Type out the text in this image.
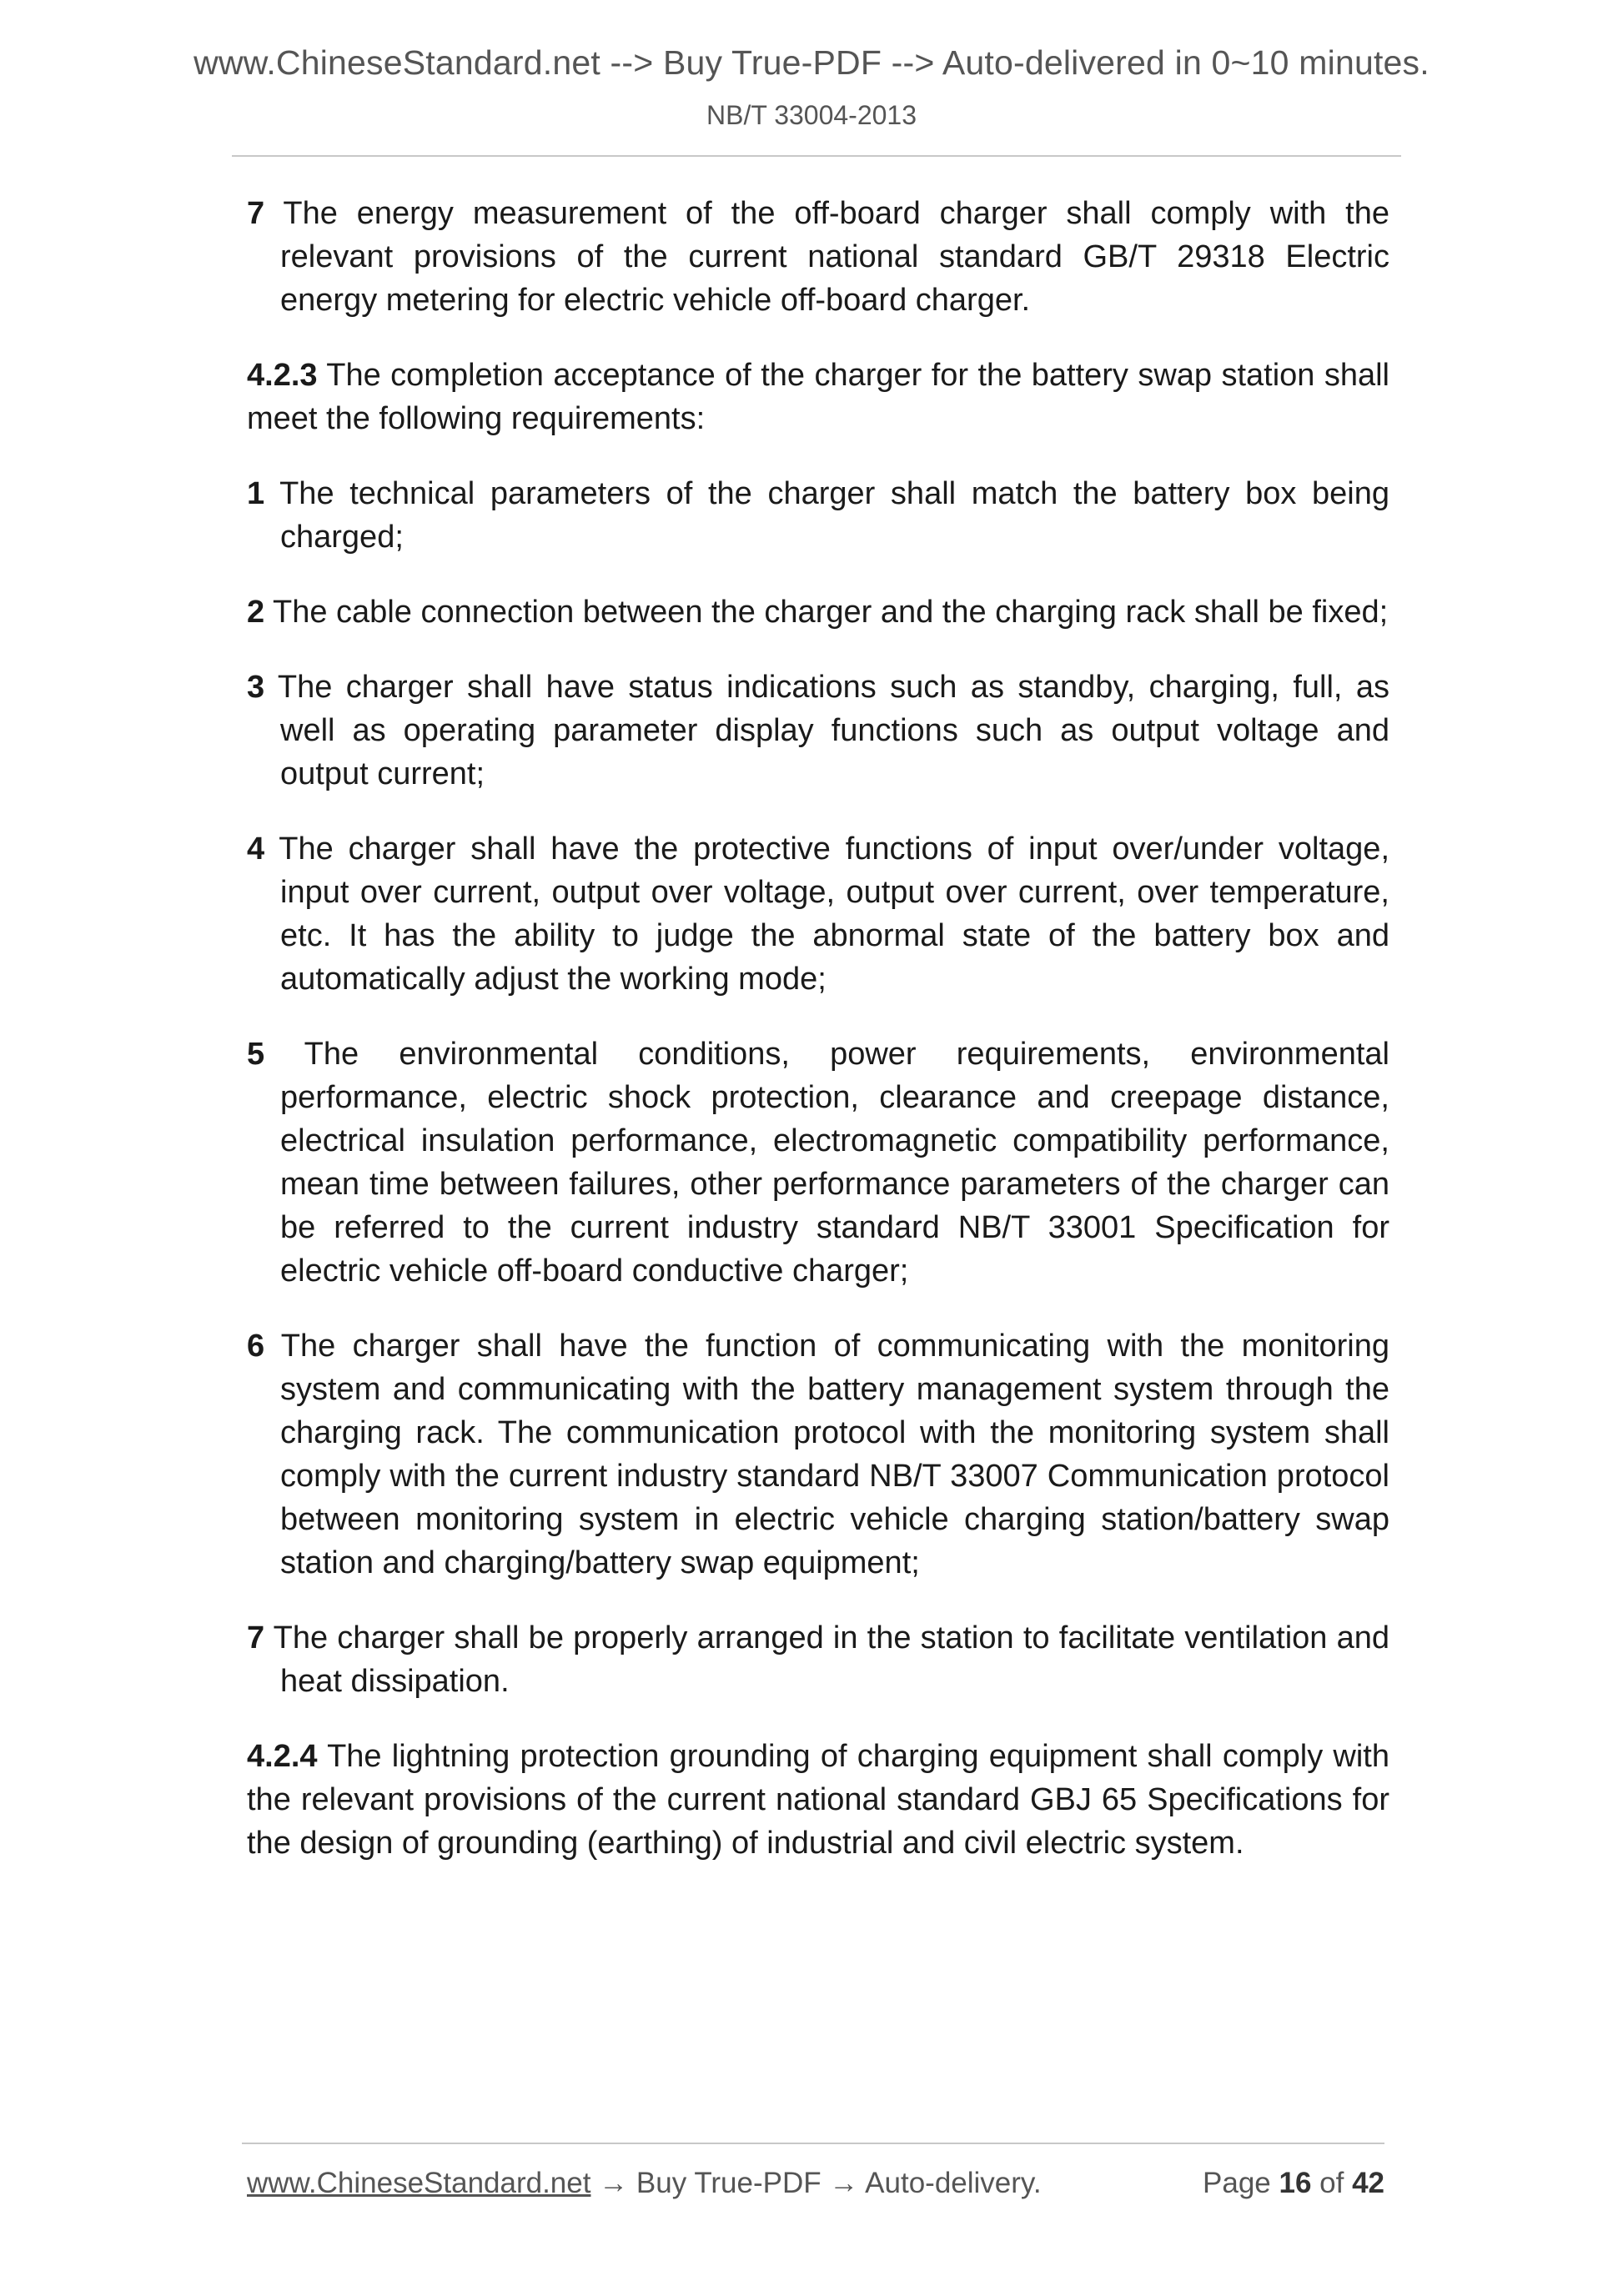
www.ChineseStandard.net --> Buy True-PDF --> Auto-delivered in 0~10 minutes.
NB/T 33004-2013

7 The energy measurement of the off-board charger shall comply with the relevant provisions of the current national standard GB/T 29318 Electric energy metering for electric vehicle off-board charger.

4.2.3 The completion acceptance of the charger for the battery swap station shall meet the following requirements:

1 The technical parameters of the charger shall match the battery box being charged;

2 The cable connection between the charger and the charging rack shall be fixed;

3 The charger shall have status indications such as standby, charging, full, as well as operating parameter display functions such as output voltage and output current;

4 The charger shall have the protective functions of input over/under voltage, input over current, output over voltage, output over current, over temperature, etc. It has the ability to judge the abnormal state of the battery box and automatically adjust the working mode;

5 The environmental conditions, power requirements, environmental performance, electric shock protection, clearance and creepage distance, electrical insulation performance, electromagnetic compatibility performance, mean time between failures, other performance parameters of the charger can be referred to the current industry standard NB/T 33001 Specification for electric vehicle off-board conductive charger;

6 The charger shall have the function of communicating with the monitoring system and communicating with the battery management system through the charging rack. The communication protocol with the monitoring system shall comply with the current industry standard NB/T 33007 Communication protocol between monitoring system in electric vehicle charging station/battery swap station and charging/battery swap equipment;

7 The charger shall be properly arranged in the station to facilitate ventilation and heat dissipation.

4.2.4 The lightning protection grounding of charging equipment shall comply with the relevant provisions of the current national standard GBJ 65 Specifications for the design of grounding (earthing) of industrial and civil electric system.

www.ChineseStandard.net → Buy True-PDF → Auto-delivery.	Page 16 of 42
